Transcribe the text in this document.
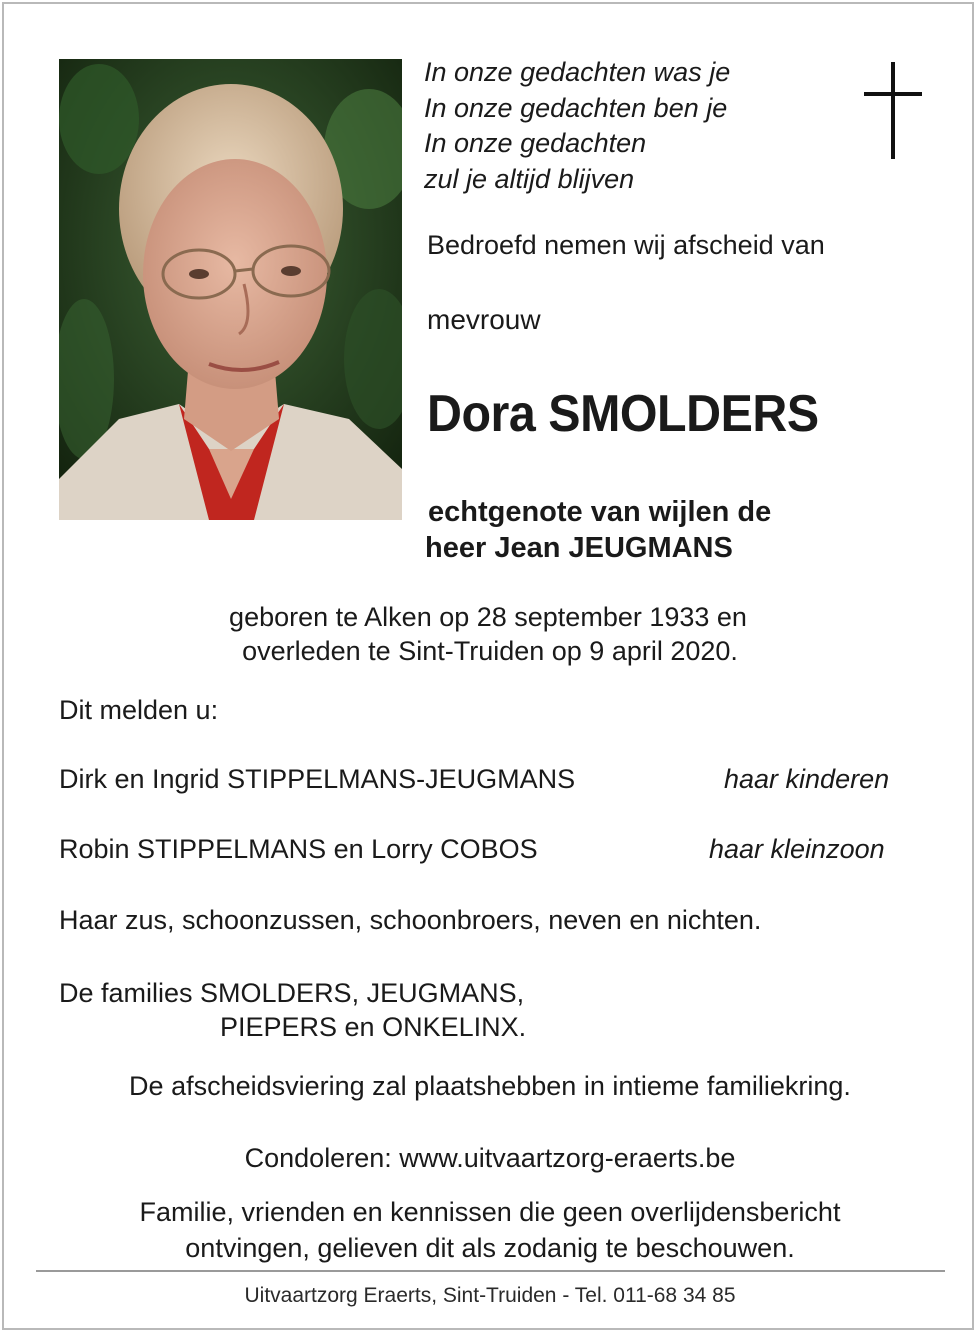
In onze gedachten was je
In onze gedachten ben je
In onze gedachten
zul je altijd blijven
Bedroefd nemen wij afscheid van
mevrouw
Dora SMOLDERS
echtgenote van wijlen de
heer Jean JEUGMANS
geboren te Alken op 28 september 1933 en
overleden te Sint-Truiden op 9 april 2020.
Dit melden u:
Dirk en Ingrid STIPPELMANS-JEUGMANS	haar kinderen
Robin STIPPELMANS en Lorry COBOS	haar kleinzoon
Haar zus, schoonzussen, schoonbroers, neven en nichten.
De families SMOLDERS, JEUGMANS,
PIEPERS en ONKELINX.
De afscheidsviering zal plaatshebben in intieme familiekring.
Condoleren: www.uitvaartzorg-eraerts.be
Familie, vrienden en kennissen die geen overlijdensbericht
ontvingen, gelieven dit als zodanig te beschouwen.
Uitvaartzorg Eraerts, Sint-Truiden - Tel. 011-68 34 85
